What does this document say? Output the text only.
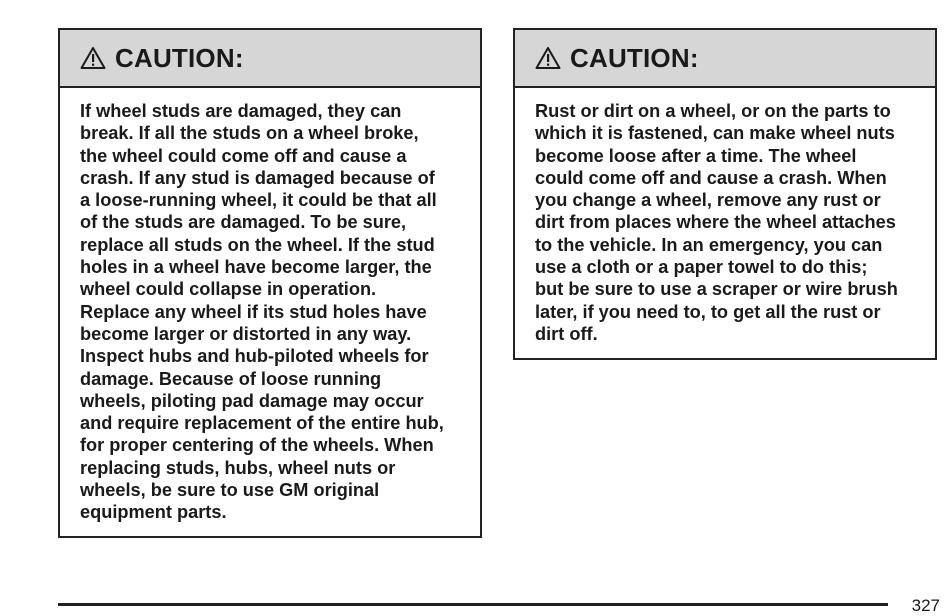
CAUTION:
If wheel studs are damaged, they can
break. If all the studs on a wheel broke,
the wheel could come off and cause a
crash. If any stud is damaged because of
a loose-running wheel, it could be that all
of the studs are damaged. To be sure,
replace all studs on the wheel. If the stud
holes in a wheel have become larger, the
wheel could collapse in operation.
Replace any wheel if its stud holes have
become larger or distorted in any way.
Inspect hubs and hub-piloted wheels for
damage. Because of loose running
wheels, piloting pad damage may occur
and require replacement of the entire hub,
for proper centering of the wheels. When
replacing studs, hubs, wheel nuts or
wheels, be sure to use GM original
equipment parts.
CAUTION:
Rust or dirt on a wheel, or on the parts to
which it is fastened, can make wheel nuts
become loose after a time. The wheel
could come off and cause a crash. When
you change a wheel, remove any rust or
dirt from places where the wheel attaches
to the vehicle. In an emergency, you can
use a cloth or a paper towel to do this;
but be sure to use a scraper or wire brush
later, if you need to, to get all the rust or
dirt off.
327
